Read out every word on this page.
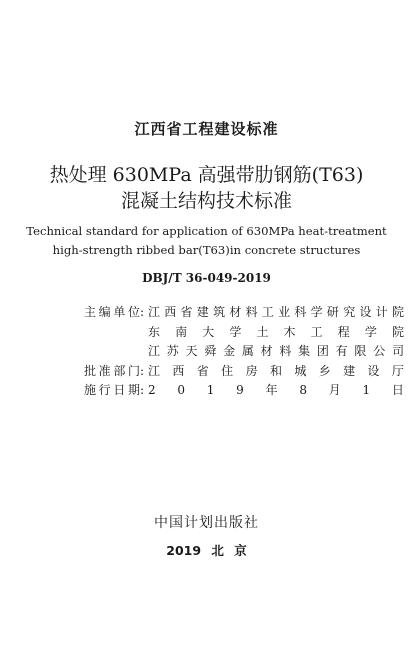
江西省工程建设标准
热处理 630MPa 高强带肋钢筋(T63)
混凝土结构技术标准
Technical standard for application of 630MPa heat-treatment
high-strength ribbed bar(T63)in concrete structures
DBJ/T 36-049-2019
主 编 单 位 : 江 西 省 建 筑 材 料 工 业 科 学 研 究 设 计 院
东 南 大 学 土 木 工 程 学 院
江 苏 天 舜 金 属 材 料 集 团 有 限 公 司
批 准 部 门 : 江 西 省 住 房 和 城 乡 建 设 厅
施 行 日 期 : 2 0 1 9 年 8 月 1 日
中国计划出版社
2019 北 京
